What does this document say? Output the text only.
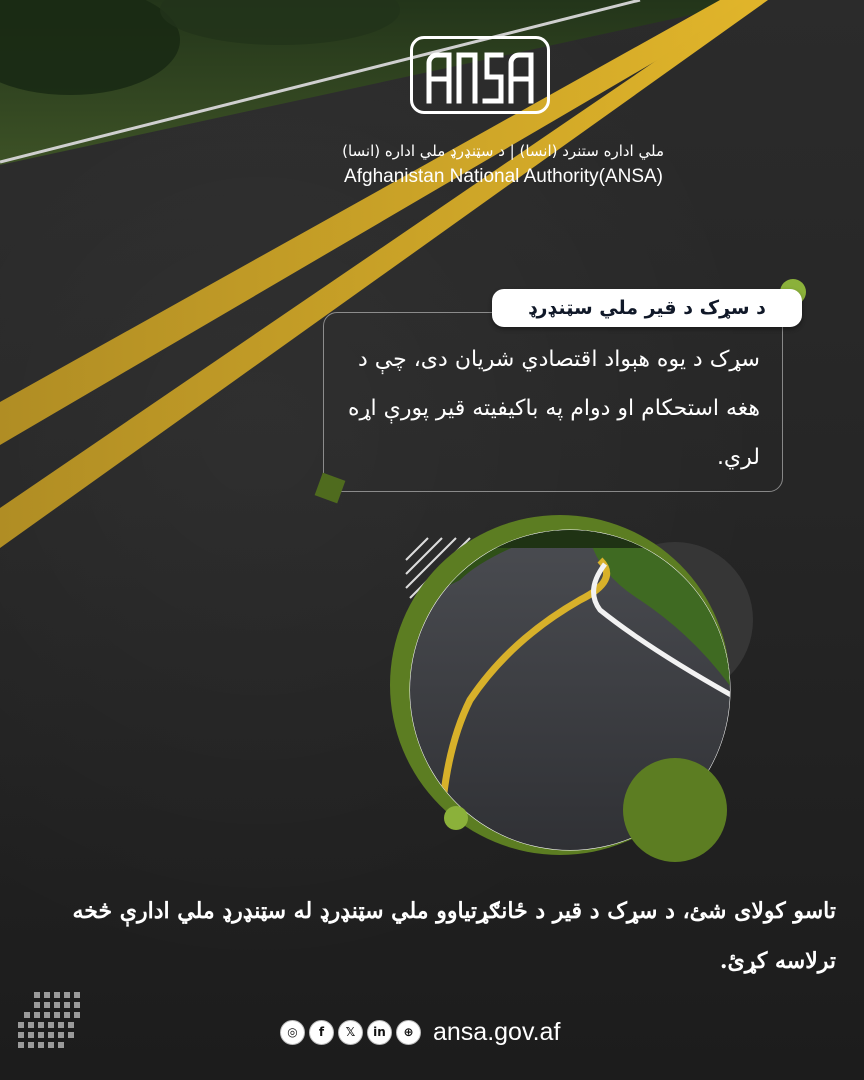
ملي اداره ستنرد (انسا) | د سټنډرډ ملي اداره (انسا)
Afghanistan National Authority(ANSA)

سړک د یوه هېواد اقتصادي شریان دی، چې د هغه استحکام او دوام په باکیفیته قیر پورې اړه لري.

د سړک د قیر ملي سټنډرډ

تاسو کولای شئ، د سړک د قیر د ځانګړتیاوو ملي سټنډرډ له سټنډرډ ملي ادارې څخه ترلاسه کړئ.

◎	f	𝕏	in	⊕ ansa.gov.af
